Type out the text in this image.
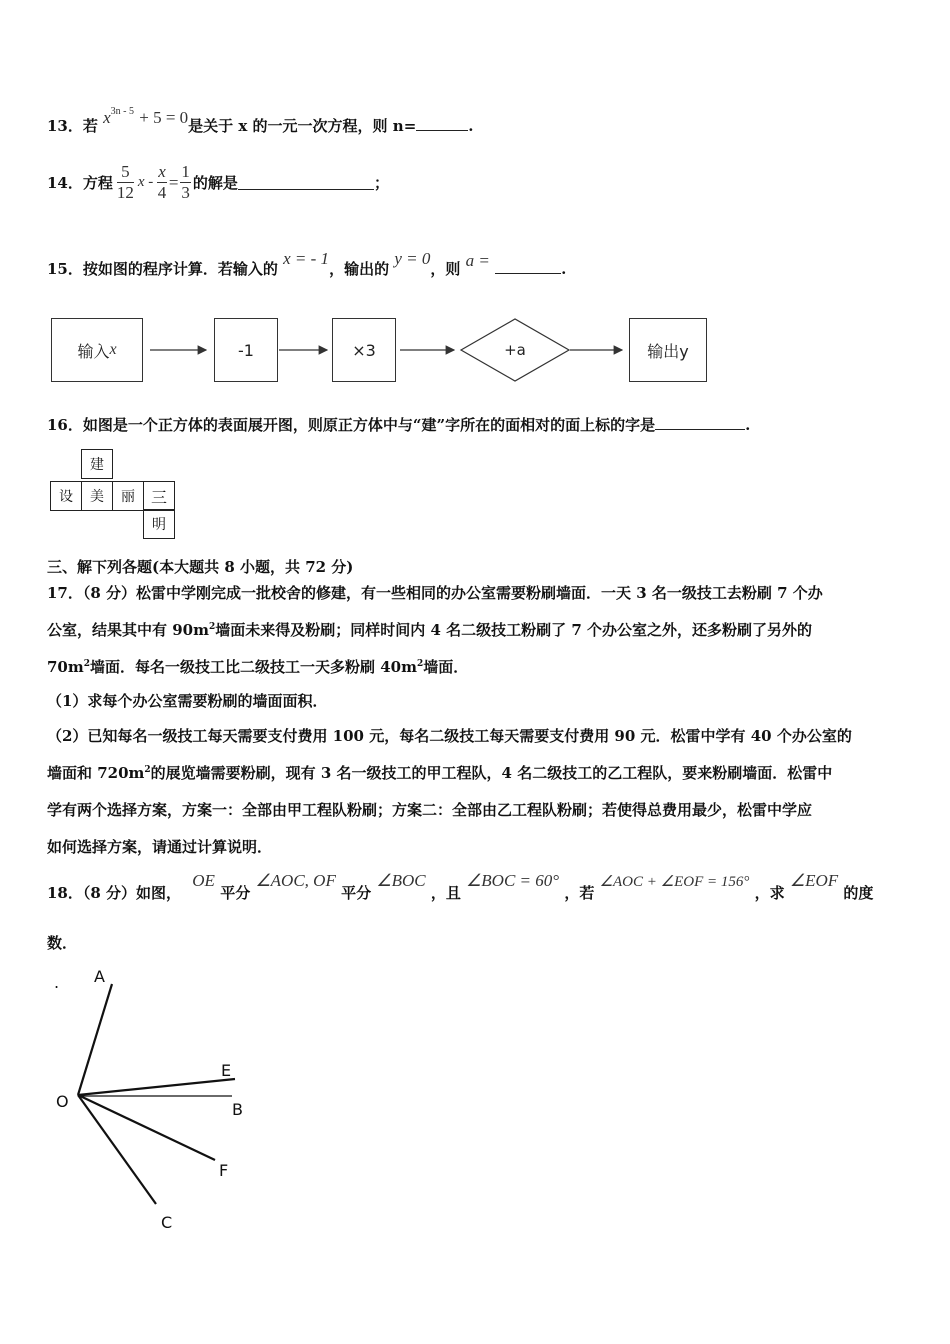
13．若 $x^{3n - 5} + 5 = 0$是关于 x 的一元一次方程，则 n=	.
14．方程 $\frac{5}{12}$ $x - \frac{x}{4} = \frac{1}{3}$ 的解是	；
15．按如图的程序计算．若输入的 x = - 1，输出的 y = 0，则 a =	.
输入 x	-1	×3	输出y
+a
16．如图是一个正方体的表面展开图，则原正方体中与“建”字所在的面相对的面上标的字是	.
建
设	美	丽 三
明
三、解下列各题(本大题共 8 小题，共 72 分)
17．（8 分）松雷中学刚完成一批校舍的修建，有一些相同的办公室需要粉刷墙面．一天 3 名一级技工去粉刷 7 个办
公室，结果其中有 $90m^2$墙面未来得及粉刷；同样时间内 4 名二级技工粉刷了 7 个办公室之外，还多粉刷了另外的
$70m^2$墙面．每名一级技工比二级技工一天多粉刷 $40m^2$墙面．
（1）求每个办公室需要粉刷的墙面面积．
（2）已知每名一级技工每天需要支付费用 100 元，每名二级技工每天需要支付费用 90 元．松雷中学有 40 个办公室的
墙面和 $720m^2$的展览墙需要粉刷，现有 3 名一级技工的甲工程队，4 名二级技工的乙工程队，要来粉刷墙面．松雷中
学有两个选择方案，方案一：全部由甲工程队粉刷；方案二：全部由乙工程队粉刷；若使得总费用最少，松雷中学应
如何选择方案，请通过计算说明．
18．（8 分）如图， OE 平分 ∠AOC, OF 平分 ∠BOC ，且 ∠BOC = 60° ，若 ∠AOC + ∠EOF = 156° ，求 ∠EOF 的度
数．
. A
E
O	B
F
C
